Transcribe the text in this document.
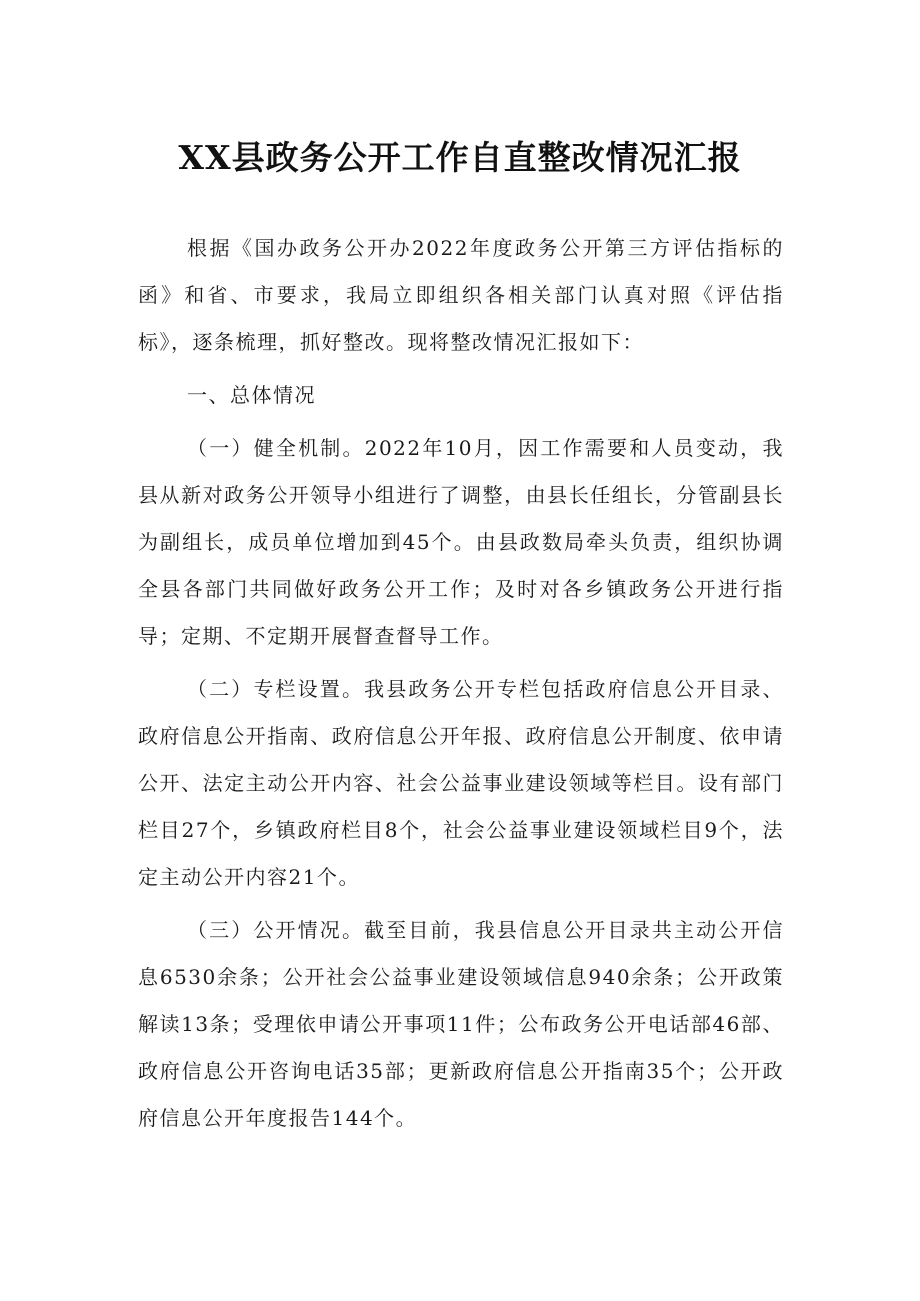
XX县政务公开工作自直整改情况汇报

根据《国办政务公开办2022年度政务公开第三方评估指标的函》和省、市要求，我局立即组织各相关部门认真对照《评估指标》，逐条梳理，抓好整改。现将整改情况汇报如下：

一、总体情况

（一）健全机制。2022年10月，因工作需要和人员变动，我县从新对政务公开领导小组进行了调整，由县长任组长，分管副县长为副组长，成员单位增加到45个。由县政数局牵头负责，组织协调全县各部门共同做好政务公开工作；及时对各乡镇政务公开进行指导；定期、不定期开展督查督导工作。

（二）专栏设置。我县政务公开专栏包括政府信息公开目录、政府信息公开指南、政府信息公开年报、政府信息公开制度、依申请公开、法定主动公开内容、社会公益事业建设领域等栏目。设有部门栏目27个，乡镇政府栏目8个，社会公益事业建设领域栏目9个，法定主动公开内容21个。

（三）公开情况。截至目前，我县信息公开目录共主动公开信息6530余条；公开社会公益事业建设领域信息940余条；公开政策解读13条；受理依申请公开事项11件；公布政务公开电话部46部、政府信息公开咨询电话35部；更新政府信息公开指南35个；公开政府信息公开年度报告144个。
